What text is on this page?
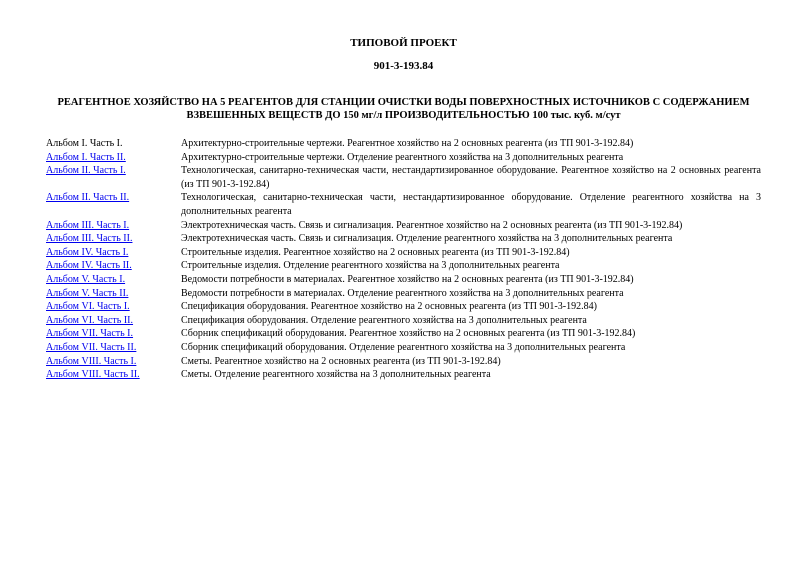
ТИПОВОЙ ПРОЕКТ
901-3-193.84
РЕАГЕНТНОЕ ХОЗЯЙСТВО НА 5 РЕАГЕНТОВ ДЛЯ СТАНЦИИ ОЧИСТКИ ВОДЫ ПОВЕРХНОСТНЫХ ИСТОЧНИКОВ С СОДЕРЖАНИЕМ ВЗВЕШЕННЫХ ВЕЩЕСТВ ДО 150 мг/л ПРОИЗВОДИТЕЛЬНОСТЬЮ 100 тыс. куб. м/сут
Альбом I. Часть I.	Архитектурно-строительные чертежи. Реагентное хозяйство на 2 основных реагента (из ТП 901-3-192.84)
Альбом I. Часть II.	Архитектурно-строительные чертежи. Отделение реагентного хозяйства на 3 дополнительных реагента
Альбом II. Часть I.	Технологическая, санитарно-техническая части, нестандартизированное оборудование. Реагентное хозяйство на 2 основных реагента (из ТП 901-3-192.84)
Альбом II. Часть II.	Технологическая, санитарно-техническая части, нестандартизированное оборудование. Отделение реагентного хозяйства на 3 дополнительных реагента
Альбом III. Часть I.	Электротехническая часть. Связь и сигнализация. Реагентное хозяйство на 2 основных реагента (из ТП 901-3-192.84)
Альбом III. Часть II.	Электротехническая часть. Связь и сигнализация. Отделение реагентного хозяйства на 3 дополнительных реагента
Альбом IV. Часть I.	Строительные изделия. Реагентное хозяйство на 2 основных реагента (из ТП 901-3-192.84)
Альбом IV. Часть II.	Строительные изделия. Отделение реагентного хозяйства на 3 дополнительных реагента
Альбом V. Часть I.	Ведомости потребности в материалах. Реагентное хозяйство на 2 основных реагента (из ТП 901-3-192.84)
Альбом V. Часть II.	Ведомости потребности в материалах. Отделение реагентного хозяйства на 3 дополнительных реагента
Альбом VI. Часть I.	Спецификация оборудования. Реагентное хозяйство на 2 основных реагента (из ТП 901-3-192.84)
Альбом VI. Часть II.	Спецификация оборудования. Отделение реагентного хозяйства на 3 дополнительных реагента
Альбом VII. Часть I.	Сборник спецификаций оборудования. Реагентное хозяйство на 2 основных реагента (из ТП 901-3-192.84)
Альбом VII. Часть II.	Сборник спецификаций оборудования. Отделение реагентного хозяйства на 3 дополнительных реагента
Альбом VIII. Часть I.	Сметы. Реагентное хозяйство на 2 основных реагента (из ТП 901-3-192.84)
Альбом VIII. Часть II.	Сметы. Отделение реагентного хозяйства на 3 дополнительных реагента
